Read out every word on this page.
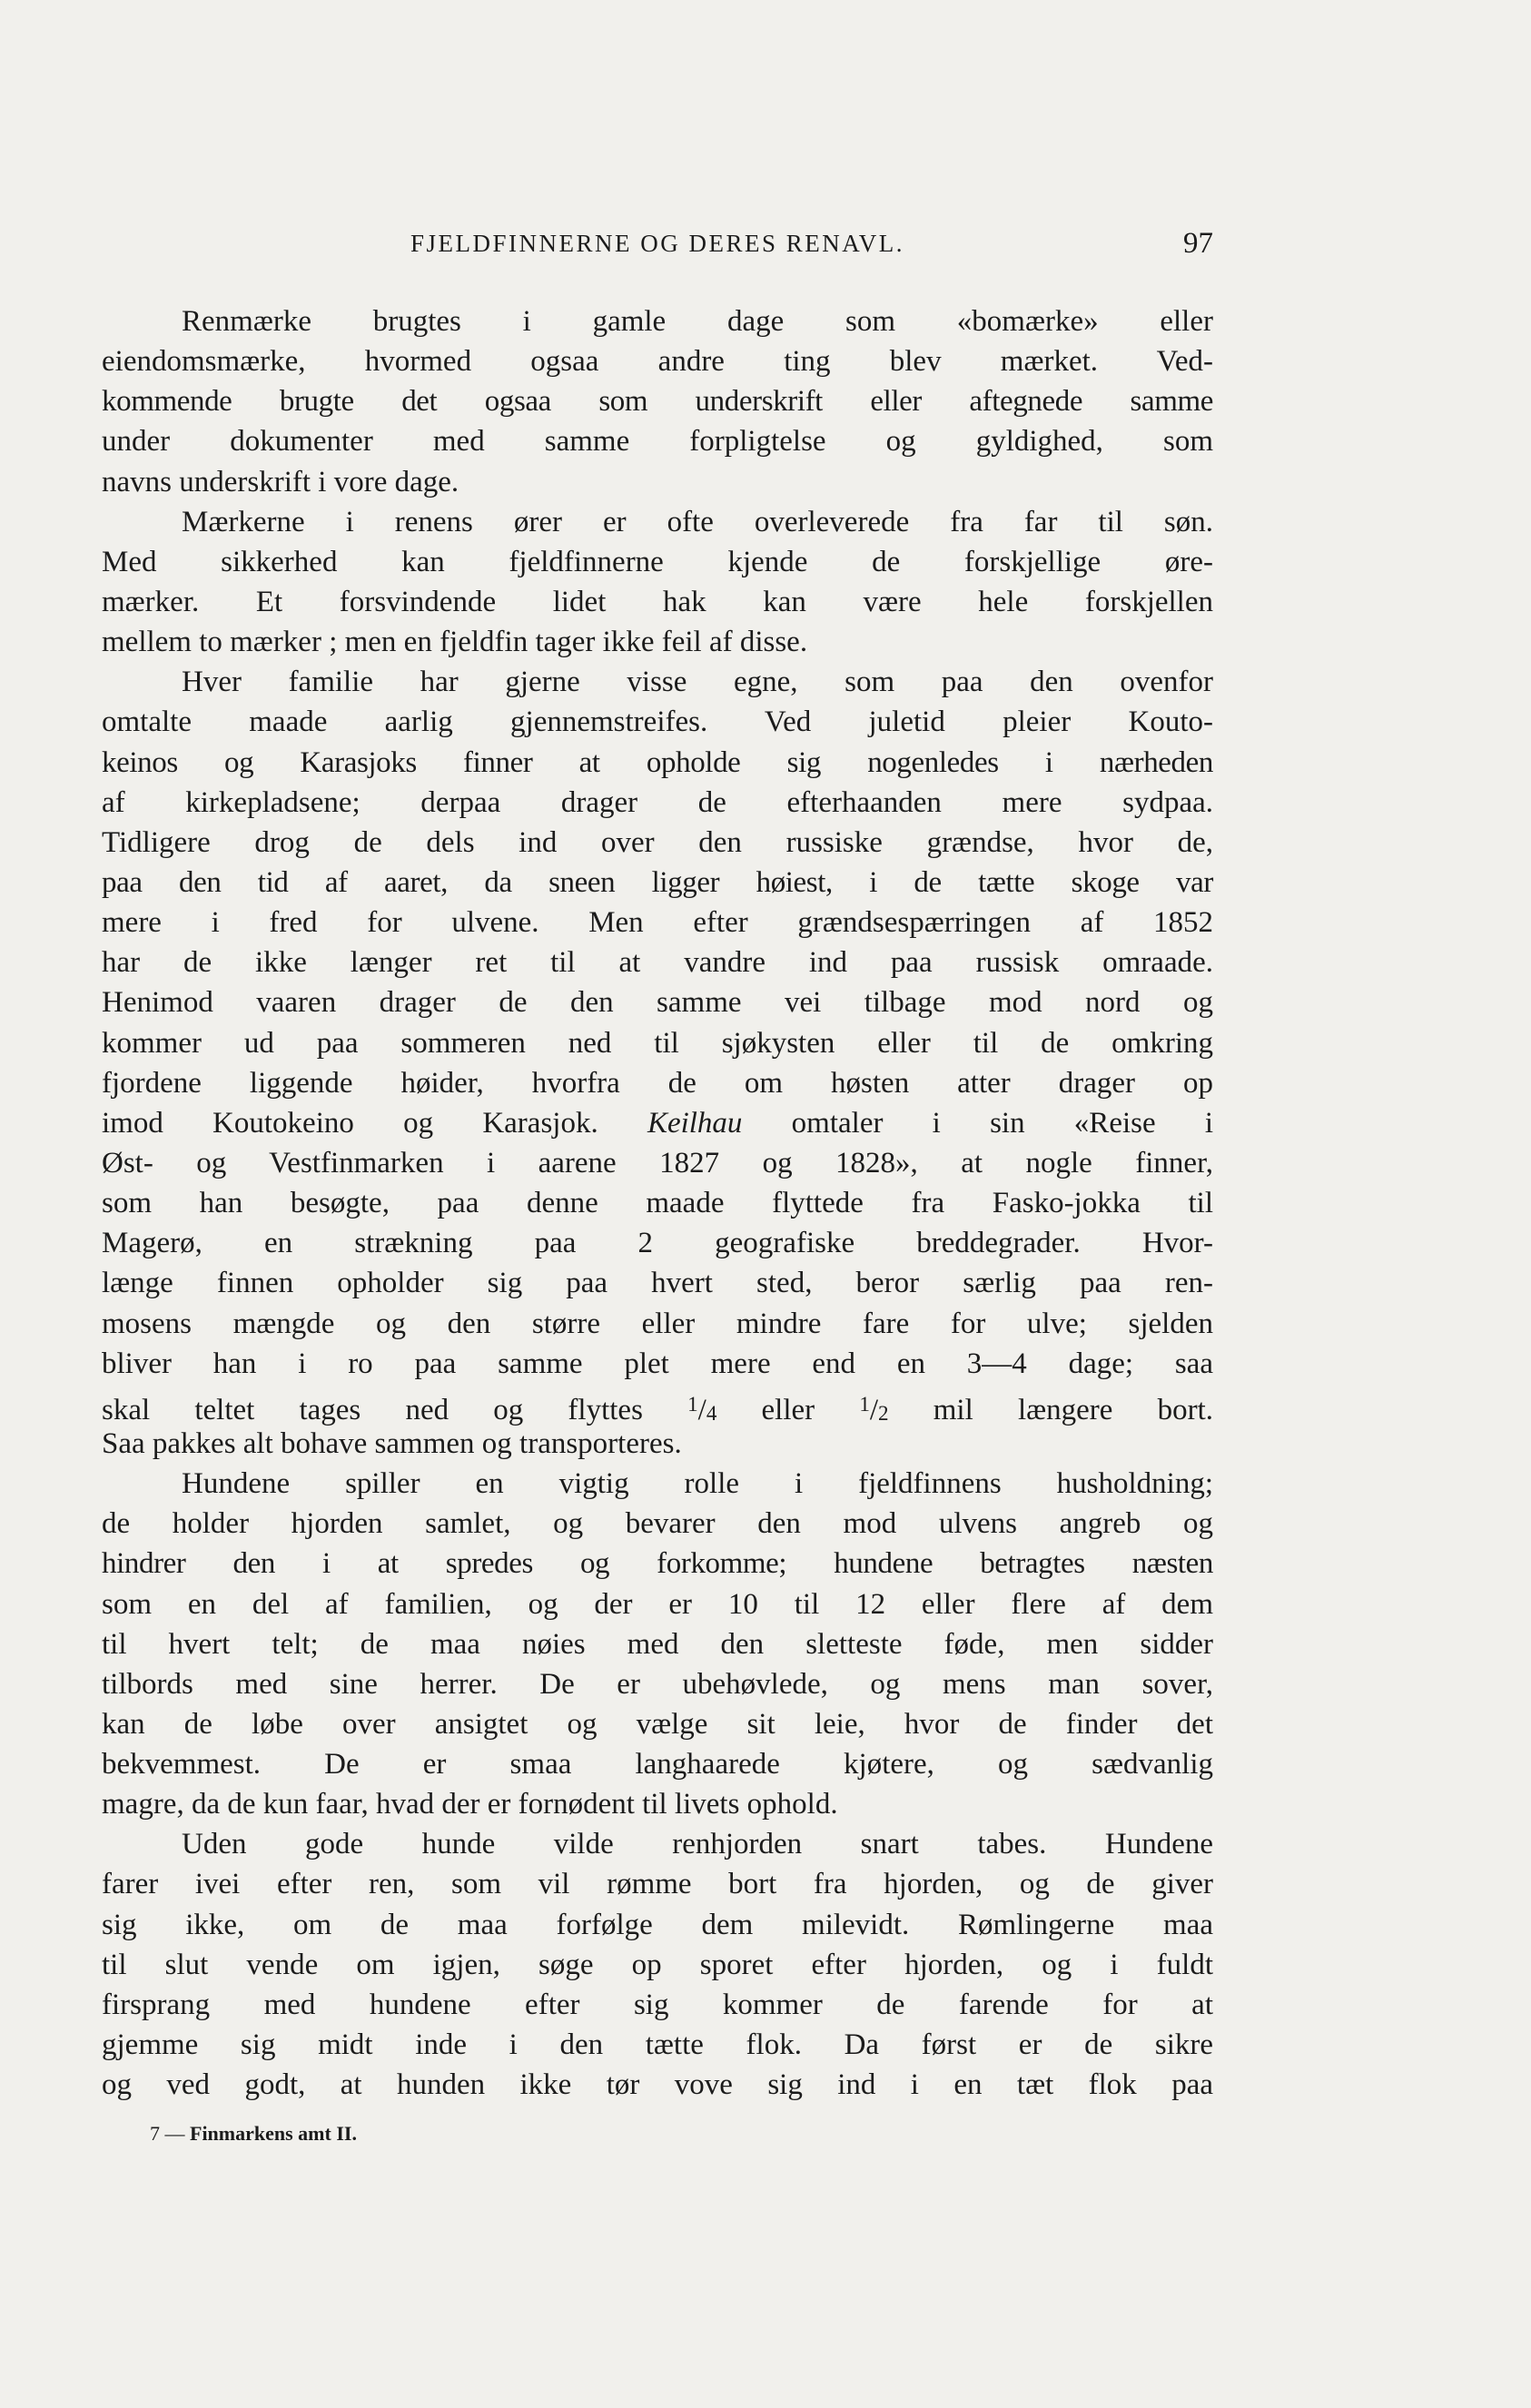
FJELDFINNERNE OG DERES RENAVL.	97

Renmærke brugtes i gamle dage som «bomærke» eller
eiendomsmærke, hvormed ogsaa andre ting blev mærket. Ved-
kommende brugte det ogsaa som underskrift eller aftegnede samme
under dokumenter med samme forpligtelse og gyldighed, som
navns underskrift i vore dage.

Mærkerne i renens ører er ofte overleverede fra far til søn.
Med sikkerhed kan fjeldfinnerne kjende de forskjellige øre-
mærker. Et forsvindende lidet hak kan være hele forskjellen
mellem to mærker ; men en fjeldfin tager ikke feil af disse.

Hver familie har gjerne visse egne, som paa den ovenfor
omtalte maade aarlig gjennemstreifes. Ved juletid pleier Kouto-
keinos og Karasjoks finner at opholde sig nogenledes i nærheden
af kirkepladsene; derpaa drager de efterhaanden mere sydpaa.
Tidligere drog de dels ind over den russiske grændse, hvor de,
paa den tid af aaret, da sneen ligger høiest, i de tætte skoge var
mere i fred for ulvene. Men efter grændsespærringen af 1852
har de ikke længer ret til at vandre ind paa russisk omraade.
Henimod vaaren drager de den samme vei tilbage mod nord og
kommer ud paa sommeren ned til sjøkysten eller til de omkring
fjordene liggende høider, hvorfra de om høsten atter drager op
imod Koutokeino og Karasjok. Keilhau omtaler i sin «Reise i
Øst- og Vestfinmarken i aarene 1827 og 1828», at nogle finner,
som han besøgte, paa denne maade flyttede fra Fasko-jokka til
Magerø, en strækning paa 2 geografiske breddegrader. Hvor-
længe finnen opholder sig paa hvert sted, beror særlig paa ren-
mosens mængde og den større eller mindre fare for ulve; sjelden
bliver han i ro paa samme plet mere end en 3—4 dage; saa
skal teltet tages ned og flyttes $^1$/4 eller $^1$/2 mil længere bort.
Saa pakkes alt bohave sammen og transporteres.

Hundene spiller en vigtig rolle i fjeldfinnens husholdning;
de holder hjorden samlet, og bevarer den mod ulvens angreb og
hindrer den i at spredes og forkomme; hundene betragtes næsten
som en del af familien, og der er 10 til 12 eller flere af dem
til hvert telt; de maa nøies med den sletteste føde, men sidder
tilbords med sine herrer. De er ubehøvlede, og mens man sover,
kan de løbe over ansigtet og vælge sit leie, hvor de finder det
bekvemmest. De er smaa langhaarede kjøtere, og sædvanlig
magre, da de kun faar, hvad der er fornødent til livets ophold.

Uden gode hunde vilde renhjorden snart tabes. Hundene
farer ivei efter ren, som vil rømme bort fra hjorden, og de giver
sig ikke, om de maa forfølge dem milevidt. Rømlingerne maa
til slut vende om igjen, søge op sporet efter hjorden, og i fuldt
firsprang med hundene efter sig kommer de farende for at
gjemme sig midt inde i den tætte flok. Da først er de sikre
og ved godt, at hunden ikke tør vove sig ind i en tæt flok paa

7 — Finmarkens amt II.
